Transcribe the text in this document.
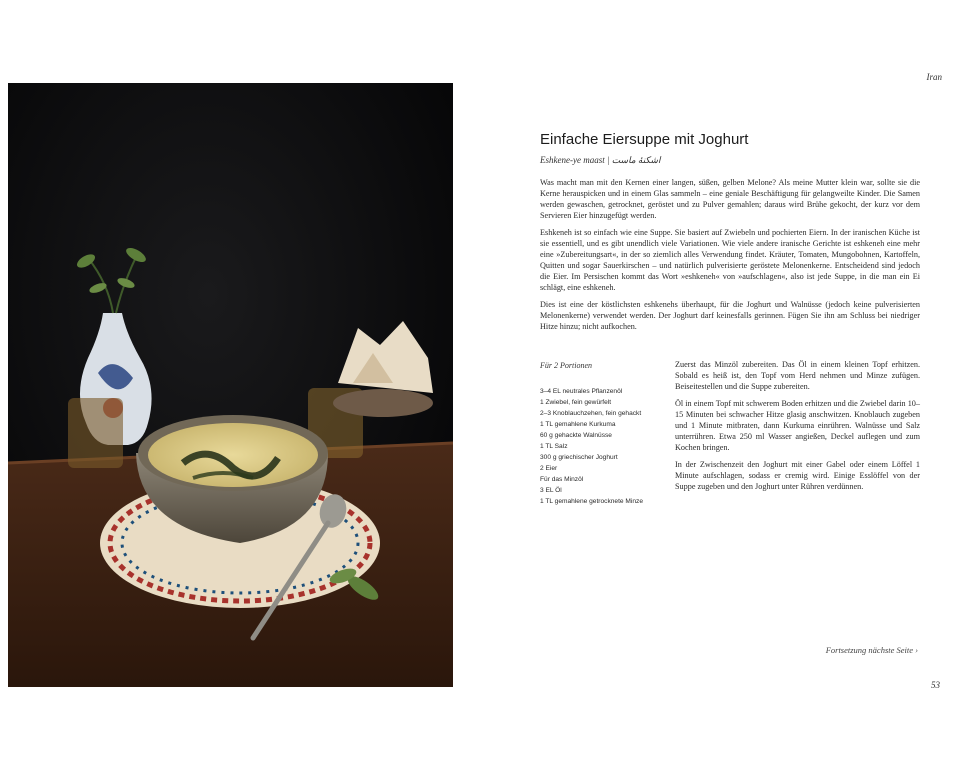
Iran
Einfache Eiersuppe mit Joghurt
Eshkene-ye maast | اشکنهٔ ماست

Was macht man mit den Kernen einer langen, süßen, gelben Melone? Als meine Mutter klein war, sollte sie die Kerne herauspicken und in einem Glas sammeln – eine geniale Beschäftigung für gelangweilte Kinder. Die Samen werden gewaschen, getrocknet, geröstet und zu Pulver gemahlen; daraus wird Brühe gekocht, der kurz vor dem Servieren Eier hinzugefügt werden.

Eshkeneh ist so einfach wie eine Suppe. Sie basiert auf Zwiebeln und pochierten Eiern. In der iranischen Küche ist sie essentiell, und es gibt unendlich viele Variationen. Wie viele andere iranische Gerichte ist eshkeneh eine mehr eine »Zubereitungsart«, in der so ziemlich alles Verwendung findet. Kräuter, Tomaten, Mungobohnen, Kartoffeln, Quitten und sogar Sauerkirschen – und natürlich pulverisierte geröstete Melonenkerne. Entscheidend sind jedoch die Eier. Im Persischen kommt das Wort »eshkeneh« von »aufschlagen«, also ist jede Suppe, in die man ein Ei schlägt, eine eshkeneh.

Dies ist eine der köstlichsten eshkenehs überhaupt, für die Joghurt und Walnüsse (jedoch keine pulverisierten Melonenkerne) verwendet werden. Der Joghurt darf keinesfalls gerinnen. Fügen Sie ihn am Schluss bei niedriger Hitze hinzu; nicht aufkochen.

Für 2 Portionen
3–4 EL neutrales Pflanzenöl
1 Zwiebel, fein gewürfelt
2–3 Knoblauchzehen, fein gehackt
1 TL gemahlene Kurkuma
60 g gehackte Walnüsse
1 TL Salz
300 g griechischer Joghurt
2 Eier
Für das Minzöl
3 EL Öl
1 TL gemahlene getrocknete Minze

Zuerst das Minzöl zubereiten. Das Öl in einem kleinen Topf erhitzen. Sobald es heiß ist, den Topf vom Herd nehmen und Minze zufügen. Beiseitestellen und die Suppe zubereiten.

Öl in einem Topf mit schwerem Boden erhitzen und die Zwiebel darin 10–15 Minuten bei schwacher Hitze glasig anschwitzen. Knoblauch zugeben und 1 Minute mitbraten, dann Kurkuma einrühren. Walnüsse und Salz unterrühren. Etwa 250 ml Wasser angießen, Deckel auflegen und zum Kochen bringen.

In der Zwischenzeit den Joghurt mit einer Gabel oder einem Löffel 1 Minute aufschlagen, sodass er cremig wird. Einige Esslöffel von der Suppe zugeben und den Joghurt unter Rühren verdünnen.

Fortsetzung nächste Seite ›
53
